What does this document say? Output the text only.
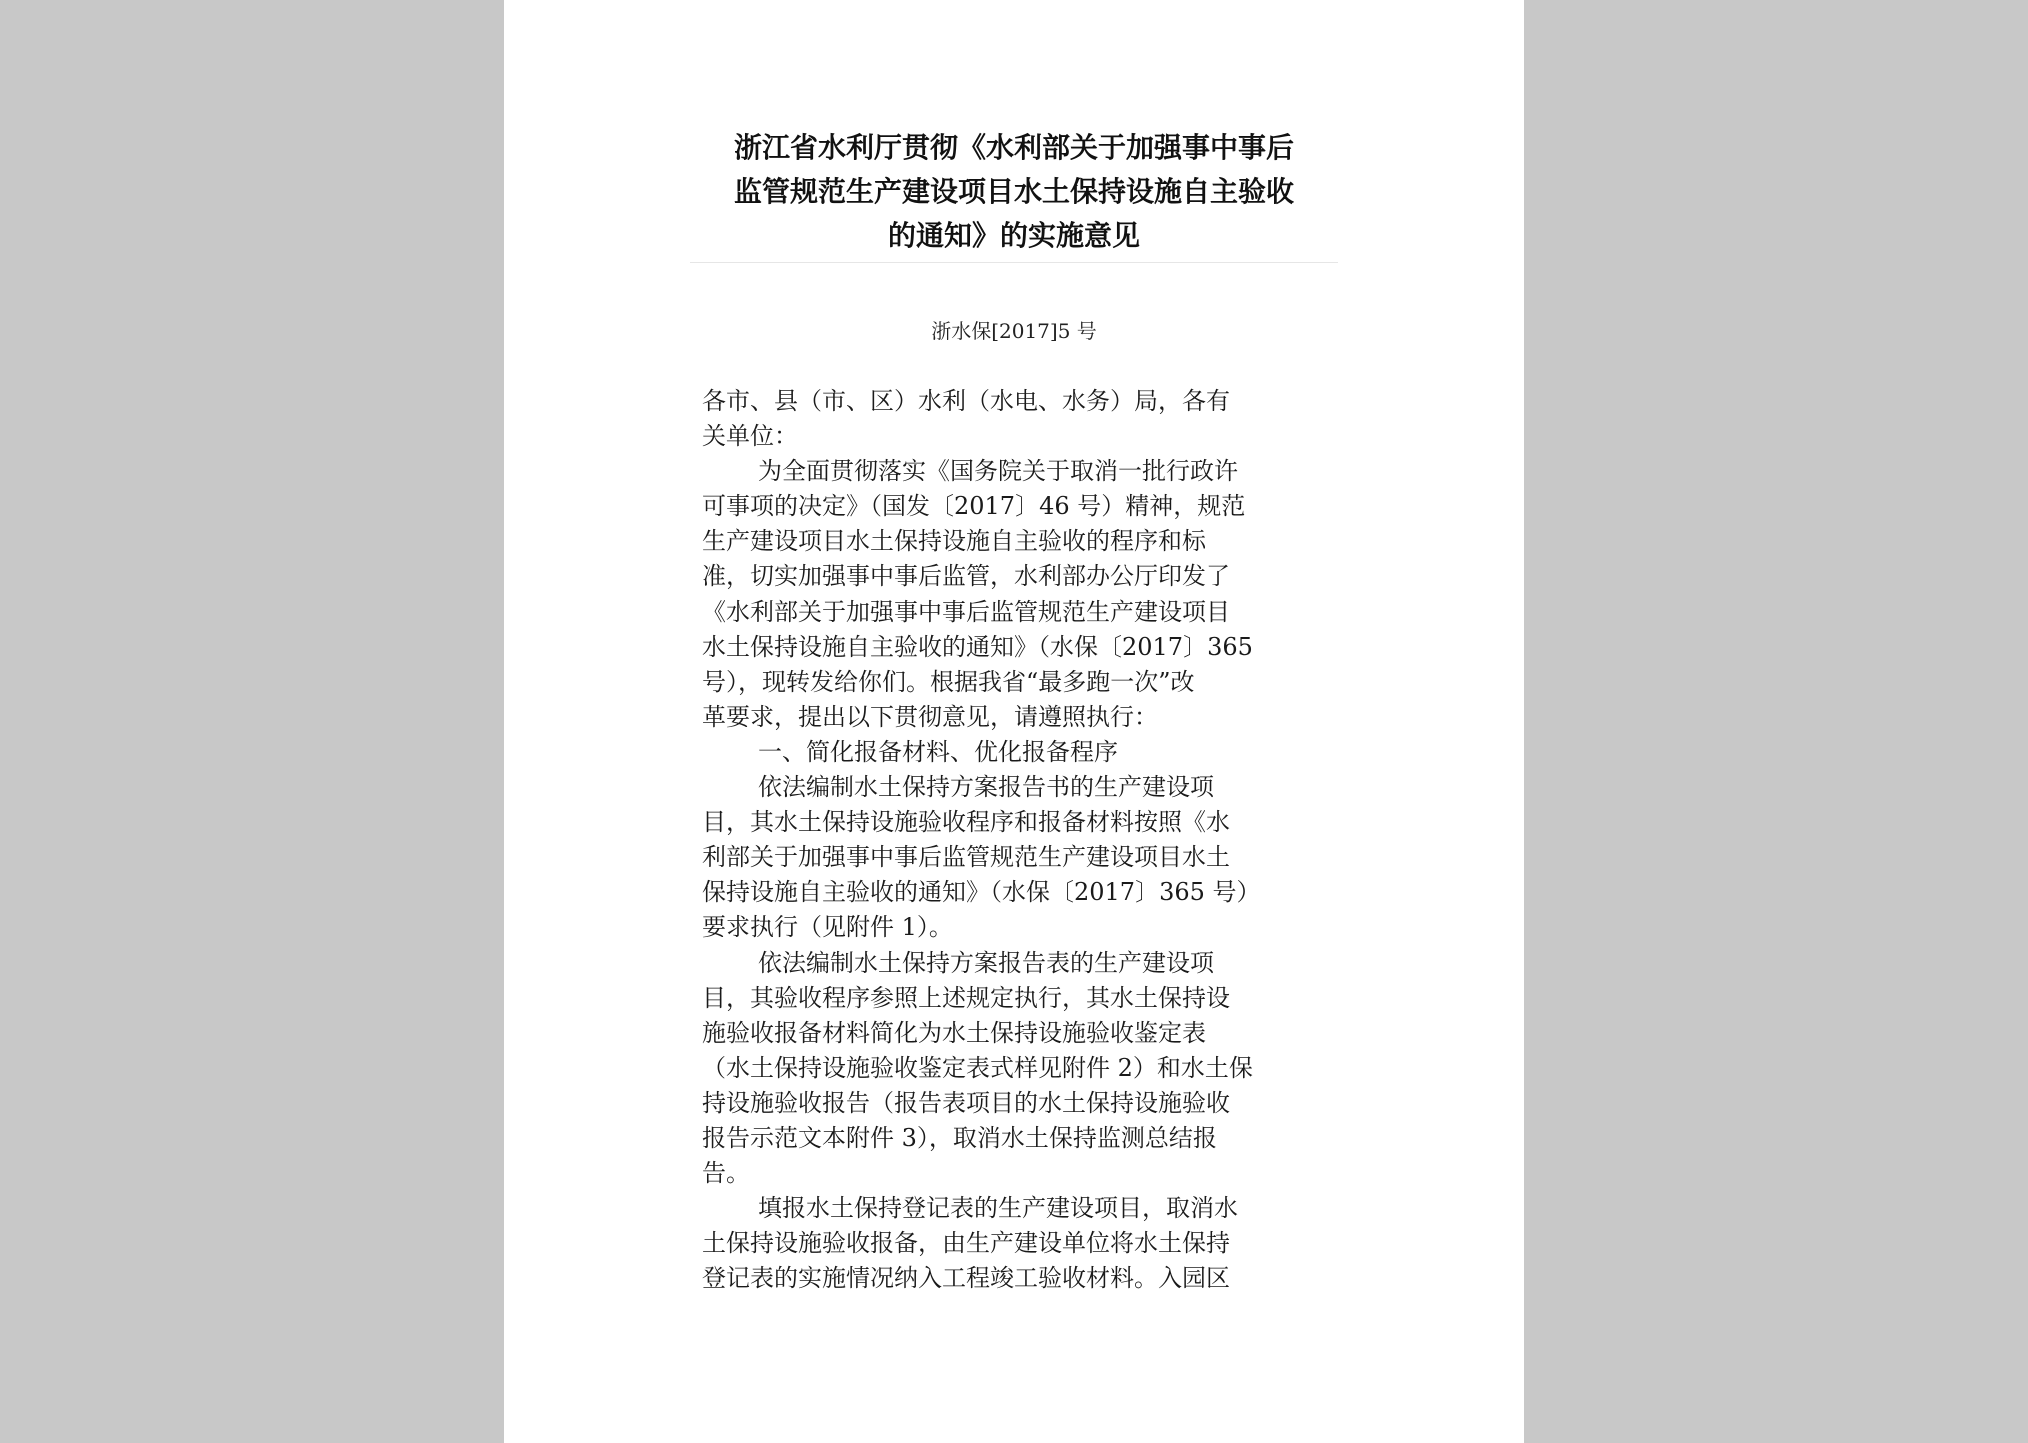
浙江省水利厅贯彻《水利部关于加强事中事后
监管规范生产建设项目水土保持设施自主验收
的通知》的实施意见
浙水保[2017]5 号
各市、县（市、区）水利（水电、水务）局，各有
关单位：
为全面贯彻落实《国务院关于取消一批行政许
可事项的决定》（国发〔2017〕46 号）精神，规范
生产建设项目水土保持设施自主验收的程序和标
准，切实加强事中事后监管，水利部办公厅印发了
《水利部关于加强事中事后监管规范生产建设项目
水土保持设施自主验收的通知》（水保〔2017〕365
号），现转发给你们。根据我省“最多跑一次”改
革要求，提出以下贯彻意见，请遵照执行：
一、简化报备材料、优化报备程序
依法编制水土保持方案报告书的生产建设项
目，其水土保持设施验收程序和报备材料按照《水
利部关于加强事中事后监管规范生产建设项目水土
保持设施自主验收的通知》（水保〔2017〕365 号）
要求执行（见附件 1）。
依法编制水土保持方案报告表的生产建设项
目，其验收程序参照上述规定执行，其水土保持设
施验收报备材料简化为水土保持设施验收鉴定表
（水土保持设施验收鉴定表式样见附件 2）和水土保
持设施验收报告（报告表项目的水土保持设施验收
报告示范文本附件 3），取消水土保持监测总结报
告。
填报水土保持登记表的生产建设项目，取消水
土保持设施验收报备，由生产建设单位将水土保持
登记表的实施情况纳入工程竣工验收材料。入园区
